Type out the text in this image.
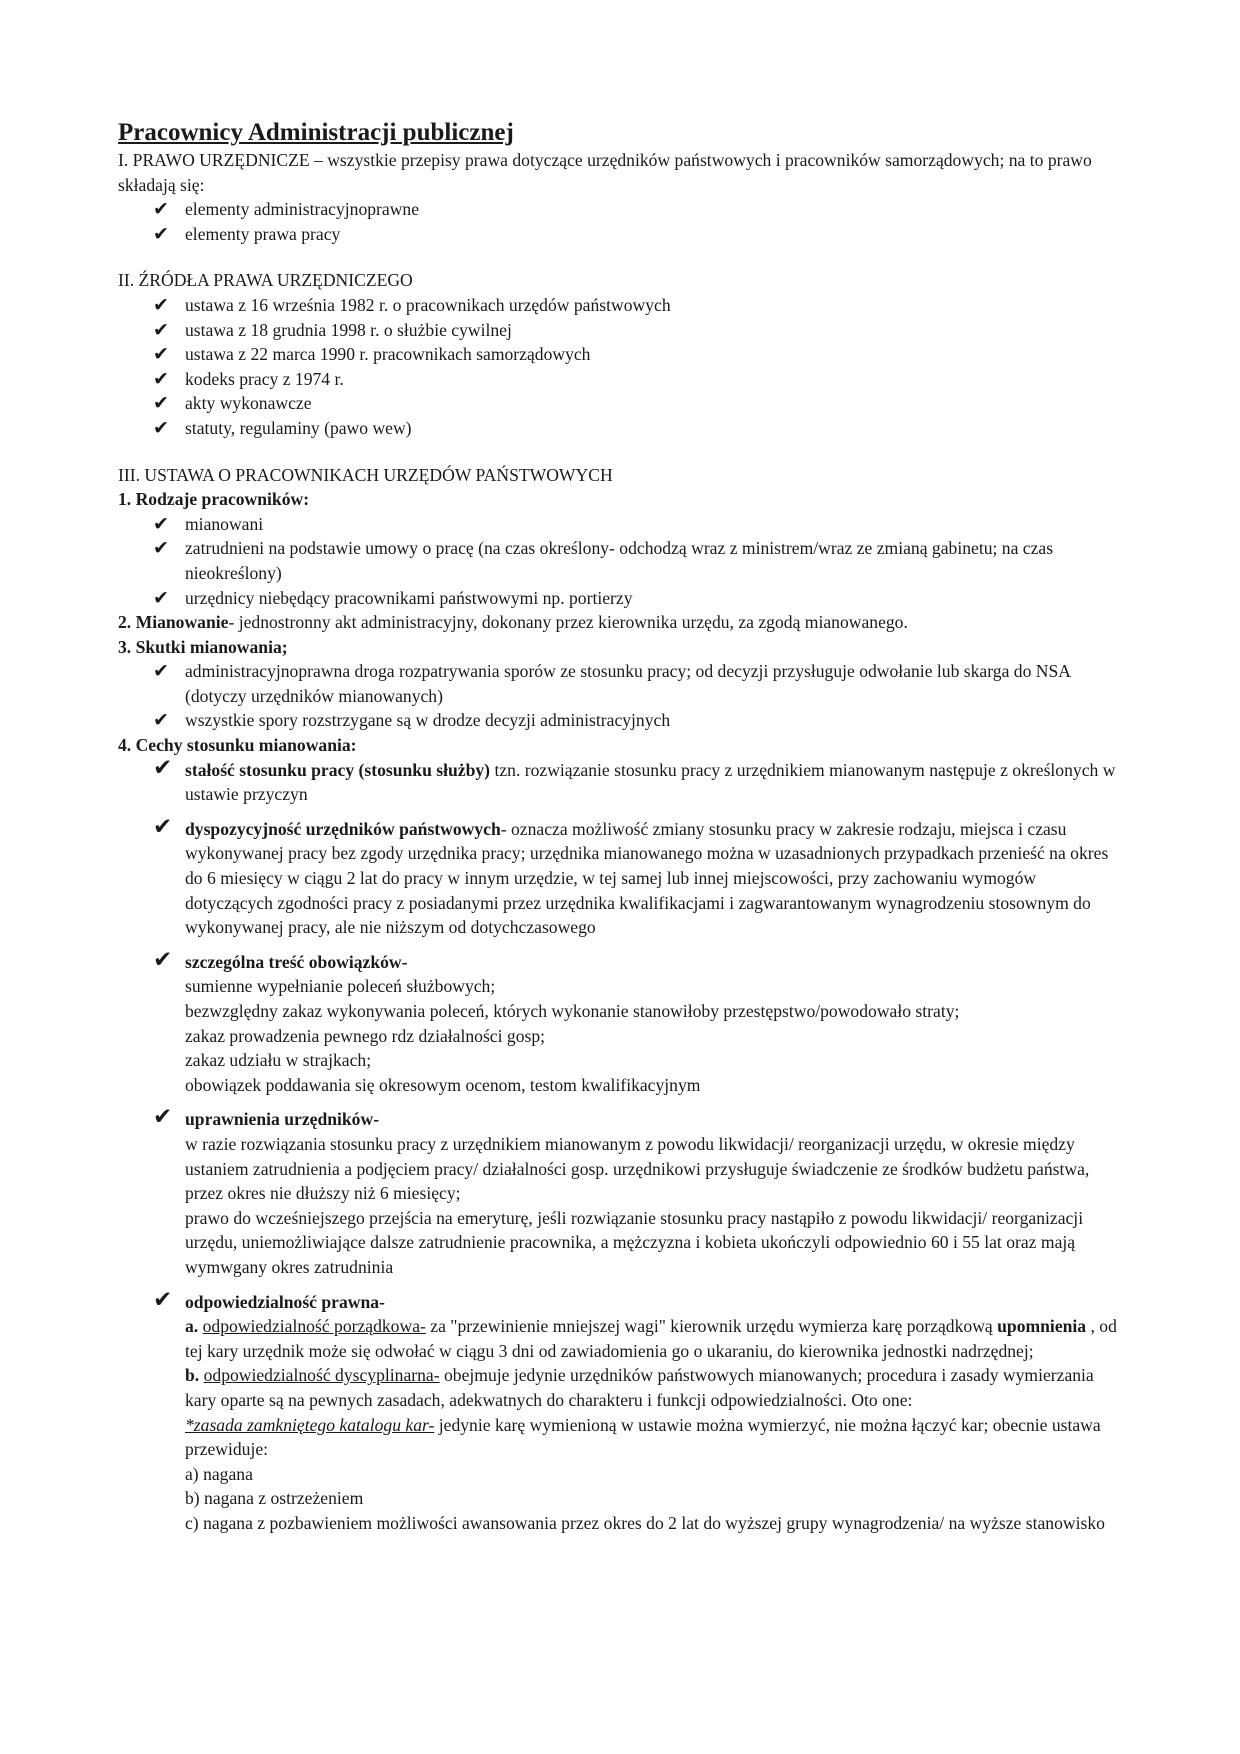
Pracownicy Administracji publicznej

I. PRAWO URZĘDNICZE – wszystkie przepisy prawa dotyczące urzędników państwowych i pracowników samorządowych; na to prawo składają się:

✔ elementy administracyjnoprawne
✔ elementy prawa pracy

II. ŹRÓDŁA PRAWA URZĘDNICZEGO

✔ ustawa z 16 września 1982 r. o pracownikach urzędów państwowych
✔ ustawa z 18 grudnia 1998 r. o służbie cywilnej
✔ ustawa z 22 marca 1990 r. pracownikach samorządowych
✔ kodeks pracy z 1974 r.
✔ akty wykonawcze
✔ statuty, regulaminy (pawo wew)

III. USTAWA O PRACOWNIKACH URZĘDÓW PAŃSTWOWYCH

1. Rodzaje pracowników:

✔ mianowani
✔ zatrudnieni na podstawie umowy o pracę (na czas określony- odchodzą wraz z ministrem/wraz ze zmianą gabinetu; na czas nieokreślony)
✔ urzędnicy niebędący pracownikami państwowymi np. portierzy

2. Mianowanie- jednostronny akt administracyjny, dokonany przez kierownika urzędu, za zgodą mianowanego.

3. Skutki mianowania;

✔ administracyjnoprawna droga rozpatrywania sporów ze stosunku pracy; od decyzji przysługuje odwołanie lub skarga do NSA (dotyczy urzędników mianowanych)
✔ wszystkie spory rozstrzygane są w drodze decyzji administracyjnych

4. Cechy stosunku mianowania:

✔ stałość stosunku pracy (stosunku służby) tzn. rozwiązanie stosunku pracy z urzędnikiem mianowanym następuje z określonych w ustawie przyczyn
✔ dyspozycyjność urzędników państwowych- oznacza możliwość zmiany stosunku pracy w zakresie rodzaju, miejsca i czasu wykonywanej pracy bez zgody urzędnika pracy; urzędnika mianowanego można w uzasadnionych przypadkach przenieść na okres do 6 miesięcy w ciągu 2 lat do pracy w innym urzędzie, w tej samej lub innej miejscowości, przy zachowaniu wymogów dotyczących zgodności pracy z posiadanymi przez urzędnika kwalifikacjami i zagwarantowanym wynagrodzeniu stosownym do wykonywanej pracy, ale nie niższym od dotychczasowego
✔ szczególna treść obowiązków-
sumienne wypełnianie poleceń służbowych;
bezwzględny zakaz wykonywania poleceń, których wykonanie stanowiłoby przestępstwo/powodowało straty;
zakaz prowadzenia pewnego rdz działalności gosp;
zakaz udziału w strajkach;
obowiązek poddawania się okresowym ocenom, testom kwalifikacyjnym
✔ uprawnienia urzędników-
w razie rozwiązania stosunku pracy z urzędnikiem mianowanym z powodu likwidacji/ reorganizacji urzędu, w okresie między ustaniem zatrudnienia a podjęciem pracy/ działalności gosp. urzędnikowi przysługuje świadczenie ze środków budżetu państwa, przez okres nie dłuższy niż 6 miesięcy;
prawo do wcześniejszego przejścia na emeryturę, jeśli rozwiązanie stosunku pracy nastąpiło z powodu likwidacji/ reorganizacji urzędu, uniemożliwiające dalsze zatrudnienie pracownika, a mężczyzna i kobieta ukończyli odpowiednio 60 i 55 lat oraz mają wymwgany okres zatrudninia
✔ odpowiedzialność prawna-
a. odpowiedzialność porządkowa- za "przewinienie mniejszej wagi" kierownik urzędu wymierza karę porządkową upomnienia , od tej kary urzędnik może się odwołać w ciągu 3 dni od zawiadomienia go o ukaraniu, do kierownika jednostki nadrzędnej;
b. odpowiedzialność dyscyplinarna- obejmuje jedynie urzędników państwowych mianowanych; procedura i zasady wymierzania kary oparte są na pewnych zasadach, adekwatnych do charakteru i funkcji odpowiedzialności. Oto one:
*zasada zamkniętego katalogu kar- jedynie karę wymienioną w ustawie można wymierzyć, nie można łączyć kar; obecnie ustawa przewiduje:
a) nagana
b) nagana z ostrzeżeniem
c) nagana z pozbawieniem możliwości awansowania przez okres do 2 lat do wyższej grupy wynagrodzenia/ na wyższe stanowisko
